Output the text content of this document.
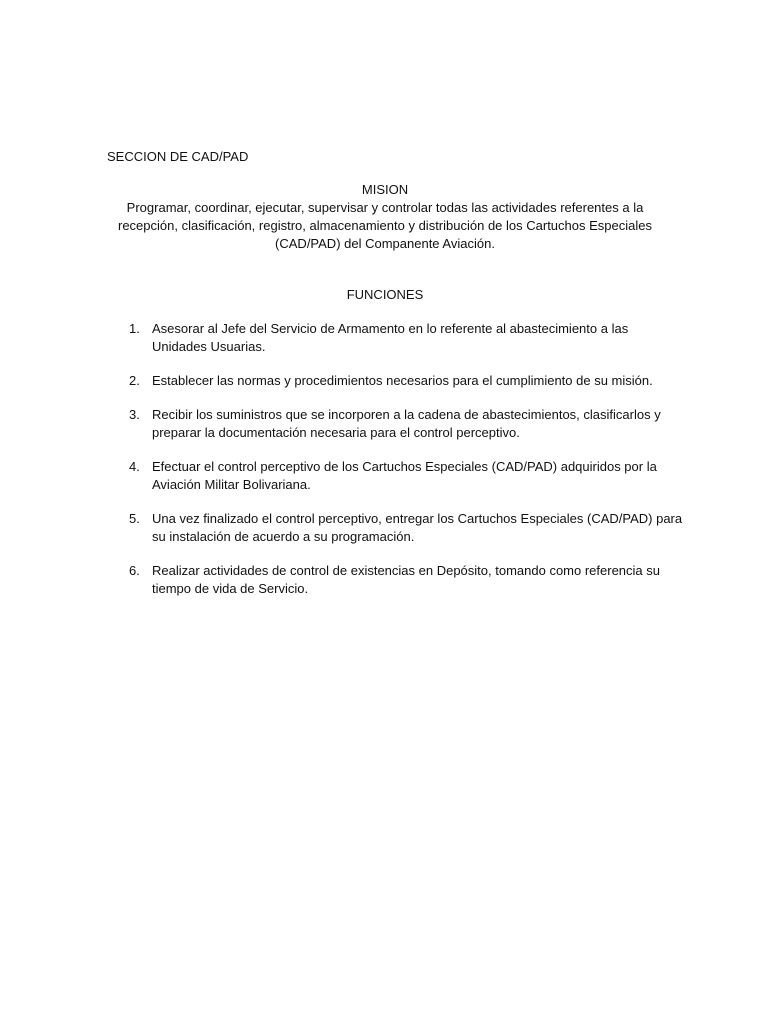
SECCION DE CAD/PAD
MISION

Programar, coordinar, ejecutar, supervisar y controlar todas las actividades referentes a la
recepción, clasificación, registro, almacenamiento y distribución de los Cartuchos Especiales
(CAD/PAD) del Companente Aviación.

FUNCIONES
1. Asesorar al Jefe del Servicio de Armamento en lo referente al abastecimiento a las
Unidades Usuarias.
2. Establecer las normas y procedimientos necesarios para el cumplimiento de su misión.
3. Recibir los suministros que se incorporen a la cadena de abastecimientos, clasificarlos y
preparar la documentación necesaria para el control perceptivo.
4. Efectuar el control perceptivo de los Cartuchos Especiales (CAD/PAD) adquiridos por la
Aviación Militar Bolivariana.
5. Una vez finalizado el control perceptivo, entregar los Cartuchos Especiales (CAD/PAD) para
su instalación de acuerdo a su programación.
6. Realizar actividades de control de existencias en Depósito, tomando como referencia su
tiempo de vida de Servicio.
